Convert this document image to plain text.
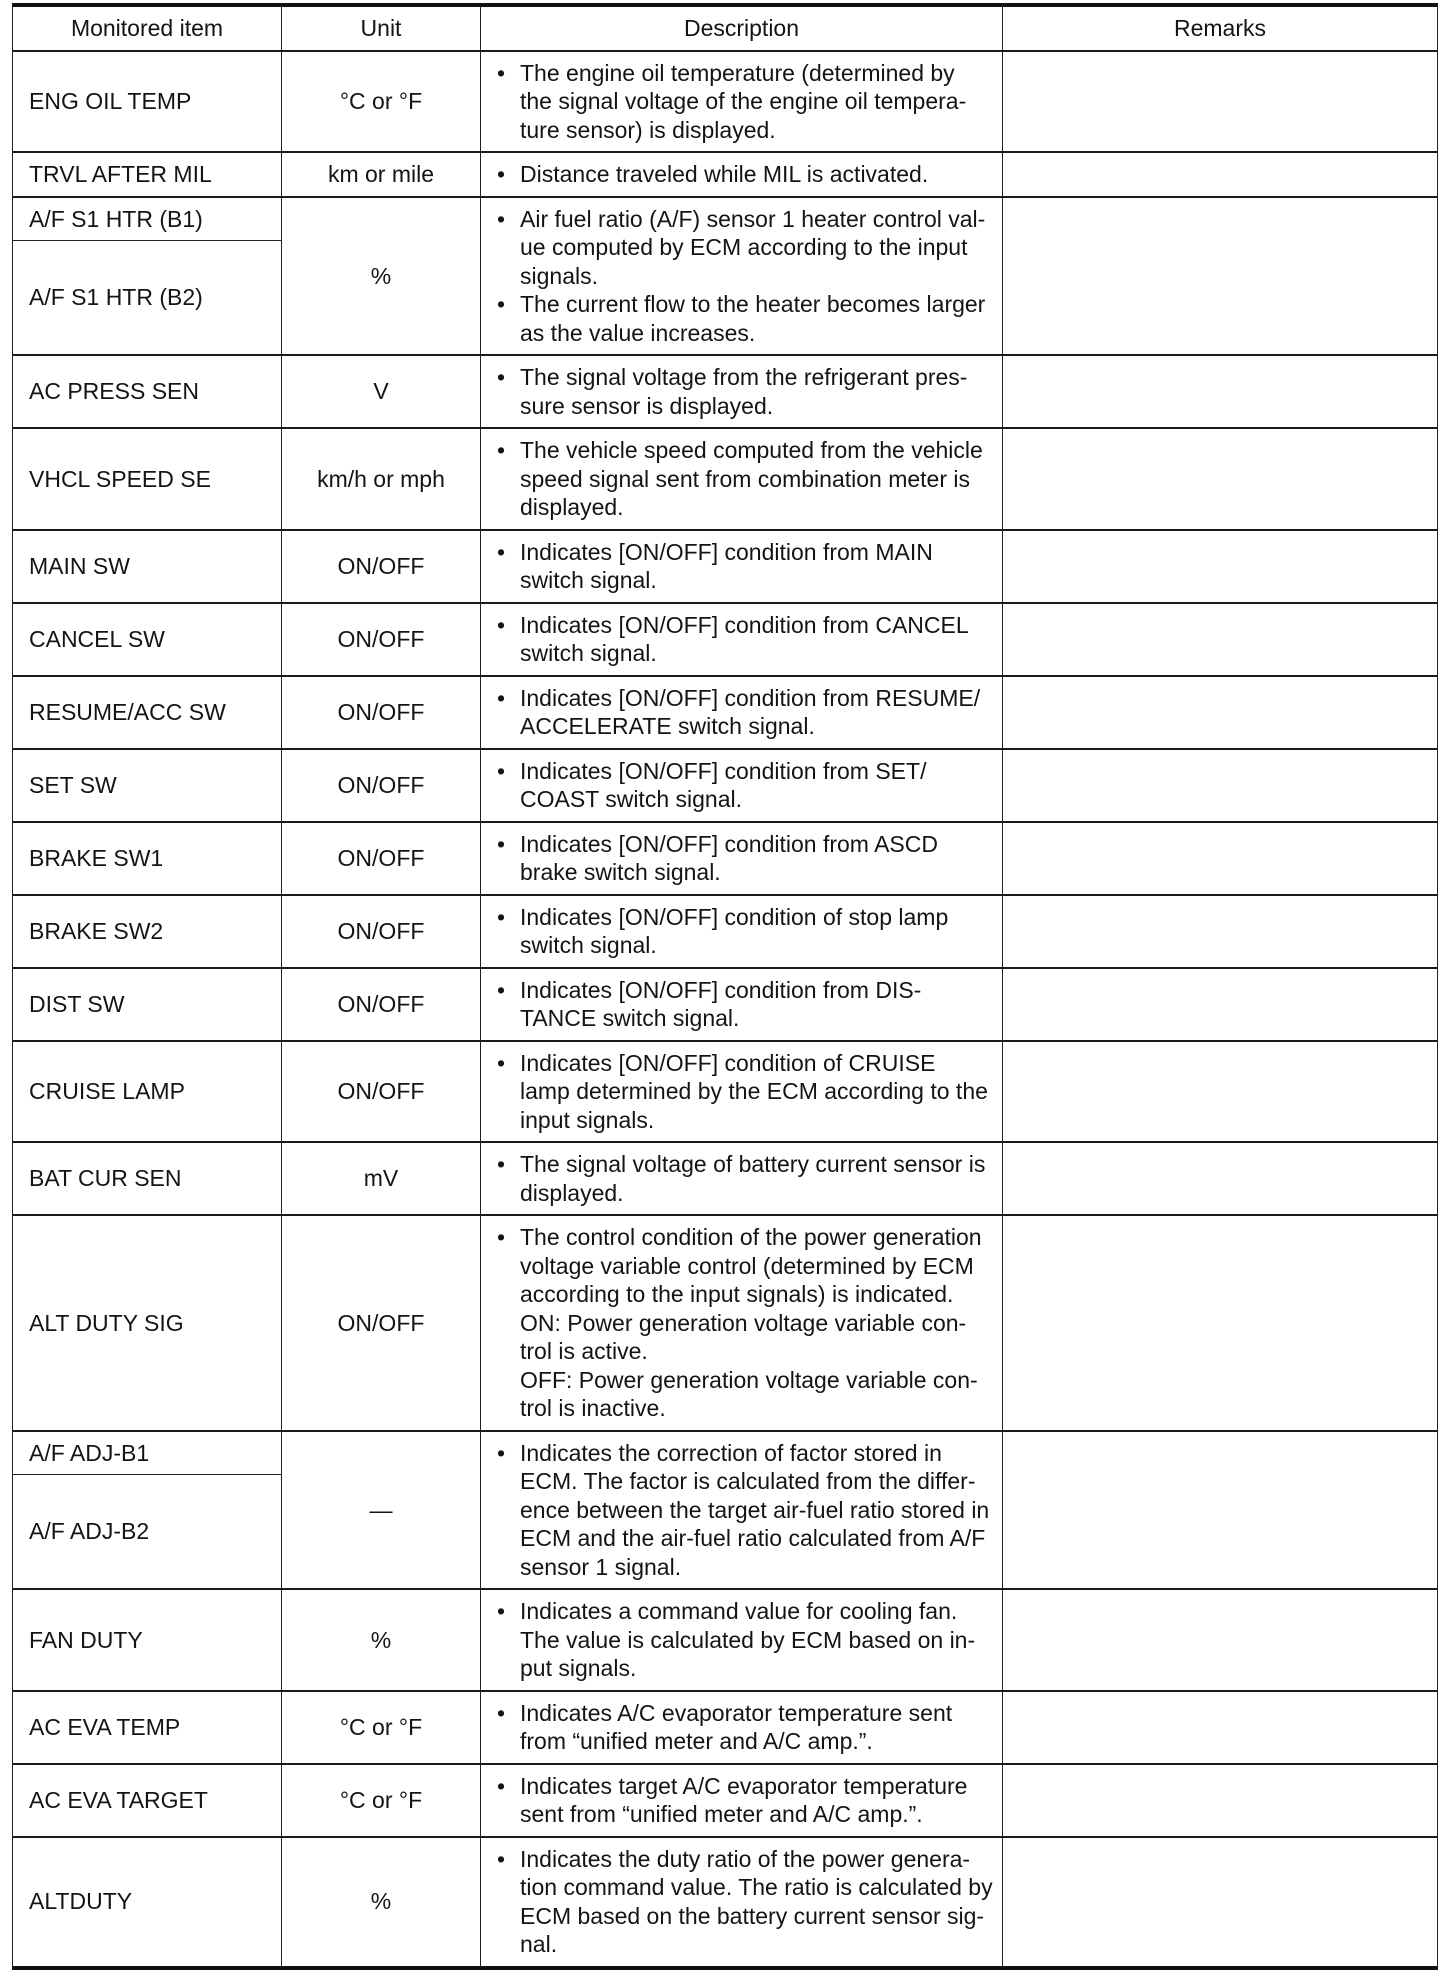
Monitored item	Unit	Description	Remarks
ENG OIL TEMP	°C or °F
•
The engine oil temperature (determined by
the signal voltage of the engine oil tempera-
ture sensor) is displayed.
TRVL AFTER MIL	km or mile
•	Distance traveled while MIL is activated.
A/F S1 HTR (B1)
A/F S1 HTR (B2)
%
•
Air fuel ratio (A/F) sensor 1 heater control val-
ue computed by ECM according to the input
signals.
•
The current flow to the heater becomes larger
as the value increases.
AC PRESS SEN	V
•
The signal voltage from the refrigerant pres-
sure sensor is displayed.
VHCL SPEED SE	km/h or mph
•
The vehicle speed computed from the vehicle
speed signal sent from combination meter is
displayed.
MAIN SW	ON/OFF
•
Indicates [ON/OFF] condition from MAIN
switch signal.
CANCEL SW	ON/OFF
•
Indicates [ON/OFF] condition from CANCEL
switch signal.
RESUME/ACC SW	ON/OFF
•
Indicates [ON/OFF] condition from RESUME/
ACCELERATE switch signal.
SET SW	ON/OFF
•
Indicates [ON/OFF] condition from SET/
COAST switch signal.
BRAKE SW1	ON/OFF
•
Indicates [ON/OFF] condition from ASCD
brake switch signal.
BRAKE SW2	ON/OFF
•
Indicates [ON/OFF] condition of stop lamp
switch signal.
DIST SW	ON/OFF
•
Indicates [ON/OFF] condition from DIS-
TANCE switch signal.
CRUISE LAMP	ON/OFF
•
Indicates [ON/OFF] condition of CRUISE
lamp determined by the ECM according to the
input signals.
BAT CUR SEN	mV
•
The signal voltage of battery current sensor is
displayed.
ALT DUTY SIG	ON/OFF
•
The control condition of the power generation
voltage variable control (determined by ECM
according to the input signals) is indicated.
ON: Power generation voltage variable con-
trol is active.
OFF: Power generation voltage variable con-
trol is inactive.
A/F ADJ-B1
A/F ADJ-B2
—
•
Indicates the correction of factor stored in
ECM. The factor is calculated from the differ-
ence between the target air-fuel ratio stored in
ECM and the air-fuel ratio calculated from A/F
sensor 1 signal.
FAN DUTY	%
•
Indicates a command value for cooling fan.
The value is calculated by ECM based on in-
put signals.
AC EVA TEMP	°C or °F
•
Indicates A/C evaporator temperature sent
from “unified meter and A/C amp.”.
AC EVA TARGET	°C or °F
•
Indicates target A/C evaporator temperature
sent from “unified meter and A/C amp.”.
ALTDUTY	%
•
Indicates the duty ratio of the power genera-
tion command value. The ratio is calculated by
ECM based on the battery current sensor sig-
nal.
